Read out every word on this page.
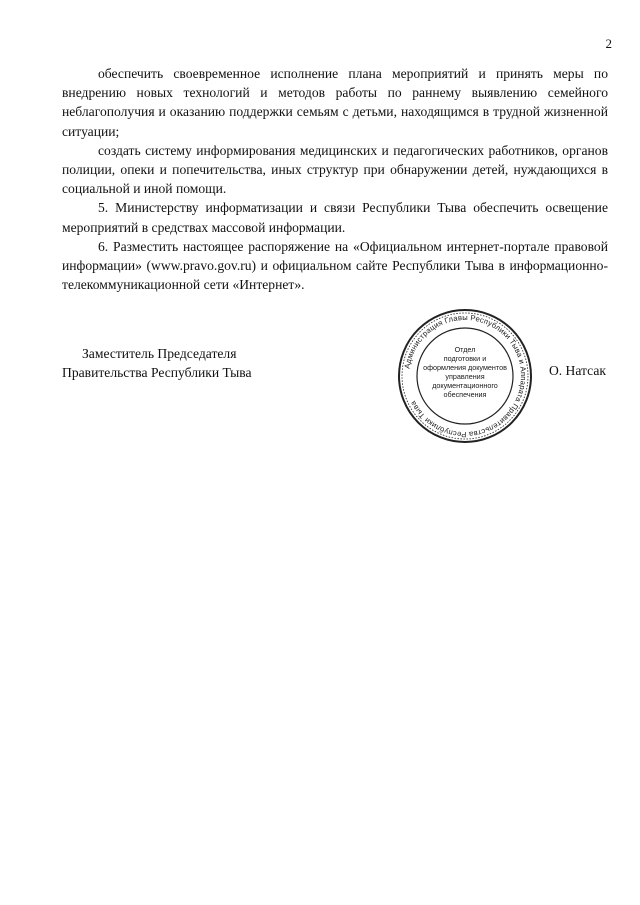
2

обеспечить своевременное исполнение плана мероприятий и принять меры по внедрению новых технологий и методов работы по раннему выявлению семейного неблагополучия и оказанию поддержки семьям с детьми, находящимся в трудной жизненной ситуации;

создать систему информирования медицинских и педагогических работников, органов полиции, опеки и попечительства, иных структур при обнаружении детей, нуждающихся в социальной и иной помощи.

5. Министерству информатизации и связи Республики Тыва обеспечить освещение мероприятий в средствах массовой информации.

6. Разместить настоящее распоряжение на «Официальном интернет-портале правовой информации» (www.pravo.gov.ru) и официальном сайте Республики Тыва в информационно-телекоммуникационной сети «Интернет».

Заместитель Председателя
Правительства Республики Тыва	Администрация Главы Республики Тыва и Аппарата Правительства Республики Тыва
Отдел
подготовки и
оформления документов
управления
документационного
обеспечения
О. Натсак
